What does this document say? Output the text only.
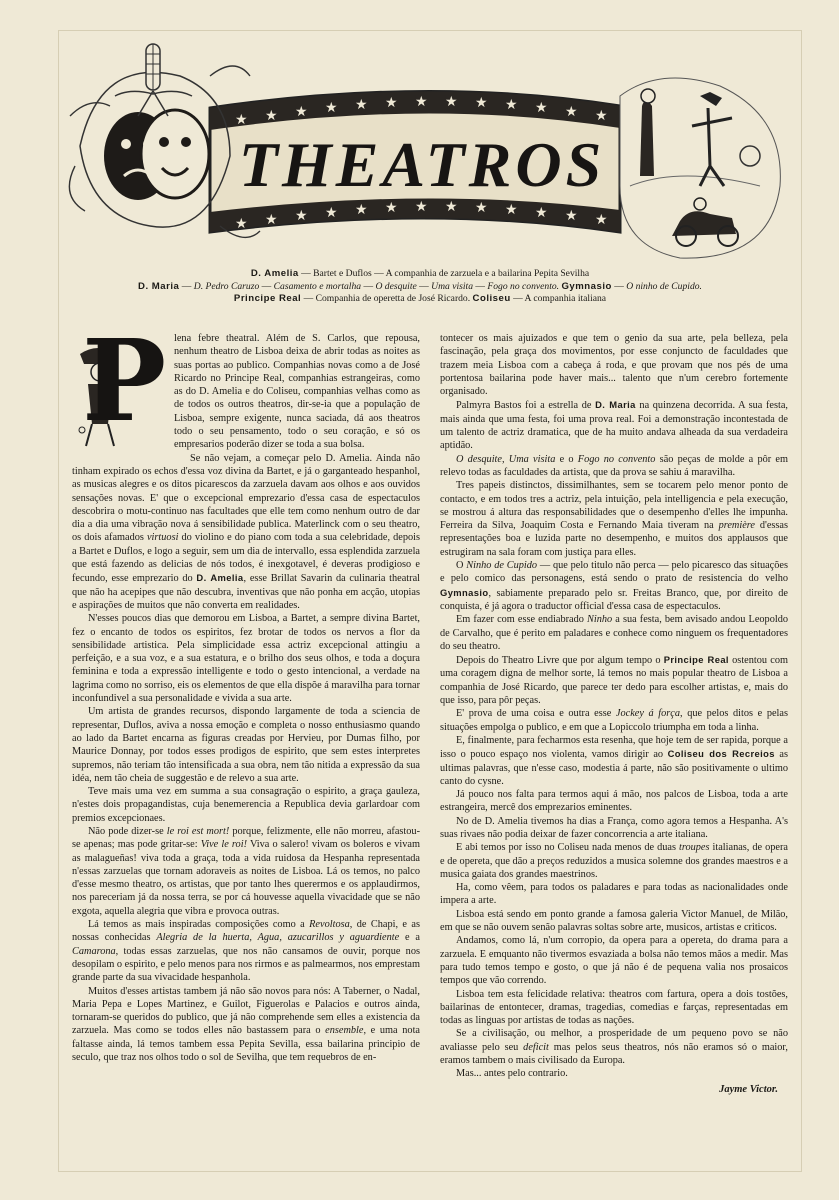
★ ★ ★ ★ ★ ★ ★ ★ ★ ★ ★ ★ ★
★ ★ ★ ★ ★ ★ ★ ★ ★ ★ ★ ★ ★
THEATROS
D. Amelia — Bartet e Duflos — A companhia de zarzuela e a bailarina Pepita Sevilha
D. Maria — D. Pedro Caruzo — Casamento e mortalha — O desquite — Uma visita — Fogo no convento. Gymnasio — O ninho de Cupido.
Principe Real — Companhia de operetta de José Ricardo. Coliseu — A companhia italiana
P lena febre theatral. Além de S. Carlos, que repousa, nenhum theatro de Lisboa deixa de abrir todas as noites as suas portas ao publico. Companhias novas como a de José Ricardo no Principe Real, companhias estrangeiras, como as do D. Amelia e do Coliseu, companhias velhas como as de todos os outros theatros, dir-se-ia que a população de Lisboa, sempre exigente, nunca saciada, dá aos theatros todo o seu pensamento, todo o seu coração, e só os empresarios poderão dizer se toda a sua bolsa.

Se não vejam, a começar pelo D. Amelia. Ainda não tinham expirado os echos d'essa voz divina da Bartet, e já o garganteado hespanhol, as musicas alegres e os ditos picarescos da zarzuela davam aos olhos e aos ouvidos sensações novas. E' que o excepcional emprezario d'essa casa de espectaculos descobrira o motu-continuo nas facultades que elle tem como nenhum outro de dar dia a dia uma vibração nova á sensibilidade publica. Materlinck com o seu theatro, os dois afamados virtuosi do violino e do piano com toda a sua celebridade, depois a Bartet e Duflos, e logo a seguir, sem um dia de intervallo, essa esplendida zarzuela que está fazendo as delicias de nós todos, é inexgotavel, é deveras prodigioso e fecundo, esse emprezario do D. Amelia, esse Brillat Savarin da culinaria theatral que não ha acepipes que não descubra, inventivas que não ponha em acção, utopias e aspirações de muitos que não converta em realidades.

N'esses poucos dias que demorou em Lisboa, a Bartet, a sempre divina Bartet, fez o encanto de todos os espiritos, fez brotar de todos os nervos a flor da sensibilidade artistica. Pela simplicidade essa actriz excepcional attingiu a perfeição, e a sua voz, e a sua estatura, e o brilho dos seus olhos, e toda a doçura feminina e toda a expressão intelligente e todo o gesto intencional, a verdade na lagrima como no sorriso, eis os elementos de que ella dispõe á maravilha para tornar inconfundivel a sua personalidade e vivida a sua arte.

Um artista de grandes recursos, dispondo largamente de toda a sciencia de representar, Duflos, aviva a nossa emoção e completa o nosso enthusiasmo quando ao lado da Bartet encarna as figuras creadas por Hervieu, por Dumas filho, por Maurice Donnay, por todos esses prodigos de espirito, que sem estes interpretes supremos, não teriam tão intensificada a sua obra, nem tão nitida a expressão da sua idéa, nem tão cheia de suggestão e de relevo a sua arte.

Teve mais uma vez em summa a sua consagração o espirito, a graça gauleza, n'estes dois propagandistas, cuja benemerencia a Republica devia garlardoar com premios excepcionaes.

Não pode dizer-se le roi est mort! porque, felizmente, elle não morreu, afastou-se apenas; mas pode gritar-se: Vive le roi! Viva o salero! vivam os boleros e vivam as malagueñas! viva toda a graça, toda a vida ruidosa da Hespanha representada n'essas zarzuelas que tornam adoraveis as noites de Lisboa. Lá os temos, no palco d'esse mesmo theatro, os artistas, que por tanto lhes querermos e os applaudirmos, nos pareceriam já da nossa terra, se por cá houvesse aquella vivacidade que se não exgota, aquella alegria que vibra e provoca outras.

Lá temos as mais inspiradas composições como a Revoltosa, de Chapi, e as nossas conhecidas Alegria de la huerta, Agua, azucarillos y aguardiente e a Camarona, todas essas zarzuelas, que nos não cansamos de ouvir, porque nos desopilam o espirito, e pelo menos para nos rirmos e as palmearmos, nos emprestam grande parte da sua vivacidade hespanhola.

Muitos d'esses artistas tambem já não são novos para nós: A Taberner, o Nadal, Maria Pepa e Lopes Martinez, e Guilot, Figuerolas e Palacios e outros ainda, tornaram-se queridos do publico, que já não comprehende sem elles a existencia da zarzuela. Mas como se todos elles não bastassem para o ensemble, e uma nota faltasse ainda, lá temos tambem essa Pepita Sevilla, essa bailarina principio de seculo, que traz nos olhos todo o sol de Sevilha, que tem requebros de en-

tontecer os mais ajuizados e que tem o genio da sua arte, pela belleza, pela fascinação, pela graça dos movimentos, por esse conjuncto de faculdades que trazem meia Lisboa com a cabeça á roda, e que provam que nos pés de uma portentosa bailarina pode haver mais... talento que n'um cerebro fortemente organisado.

Palmyra Bastos foi a estrella de D. Maria na quinzena decorrida. A sua festa, mais ainda que uma festa, foi uma prova real. Foi a demonstração incontestada de um talento de actriz dramatica, que de ha muito andava alheada da sua verdadeira aptidão.

O desquite, Uma visita e o Fogo no convento são peças de molde a pôr em relevo todas as faculdades da artista, que da prova se sahiu á maravilha.

Tres papeis distinctos, dissimilhantes, sem se tocarem pelo menor ponto de contacto, e em todos tres a actriz, pela intuição, pela intelligencia e pela execução, se mostrou á altura das responsabilidades que o desempenho d'elles lhe impunha. Ferreira da Silva, Joaquim Costa e Fernando Maia tiveram na première d'essas representações boa e luzida parte no desempenho, e muitos dos applausos que estrugiram na sala foram com justiça para elles.

O Ninho de Cupido — que pelo titulo não perca — pelo picaresco das situações e pelo comico das personagens, está sendo o prato de resistencia do velho Gymnasio, sabiamente preparado pelo sr. Freitas Branco, que, por direito de conquista, é já agora o traductor official d'essa casa de espectaculos.

Em fazer com esse endiabrado Ninho a sua festa, bem avisado andou Leopoldo de Carvalho, que é perito em paladares e conhece como ninguem os frequentadores do seu theatro.

Depois do Theatro Livre que por algum tempo o Principe Real ostentou com uma coragem digna de melhor sorte, lá temos no mais popular theatro de Lisboa a companhia de José Ricardo, que parece ter dedo para escolher artistas, e, mais do que isso, para pôr peças.

E' prova de uma coisa e outra esse Jockey á força, que pelos ditos e pelas situações empolga o publico, e em que a Lopiccolo triumpha em toda a linha.

E, finalmente, para fecharmos esta resenha, que hoje tem de ser rapida, porque a isso o pouco espaço nos violenta, vamos dirigir ao Coliseu dos Recreios as ultimas palavras, que n'esse caso, modestia á parte, não são positivamente o ultimo canto do cysne.

Já pouco nos falta para termos aqui á mão, nos palcos de Lisboa, toda a arte estrangeira, mercê dos emprezarios eminentes.

No de D. Amelia tivemos ha dias a França, como agora temos a Hespanha. A's suas rivaes não podia deixar de fazer concorrencia a arte italiana.

E abi temos por isso no Coliseu nada menos de duas troupes italianas, de opera e de opereta, que dão a preços reduzidos a musica solemne dos grandes maestros e a musica gaiata dos grandes maestrinos.

Ha, como vêem, para todos os paladares e para todas as nacionalidades onde impera a arte.

Lisboa está sendo em ponto grande a famosa galeria Victor Manuel, de Milão, em que se não ouvem senão palavras soltas sobre arte, musicos, artistas e criticos.

Andamos, como lá, n'um corropio, da opera para a opereta, do drama para a zarzuela. E emquanto não tivermos esvaziada a bolsa não temos mãos a medir. Mas para tudo temos tempo e gosto, o que já não é de pequena valia nos prosaicos tempos que vão correndo.

Lisboa tem esta felicidade relativa: theatros com fartura, opera a dois tostões, bailarinas de entontecer, dramas, tragedias, comedias e farças, representadas em todas as linguas por artistas de todas as nações.

Se a civilisação, ou melhor, a prosperidade de um pequeno povo se não avaliasse pelo seu deficit mas pelos seus theatros, nós não eramos só o maior, eramos tambem o mais civilisado da Europa.

Mas... antes pelo contrario.

Jayme Victor.
